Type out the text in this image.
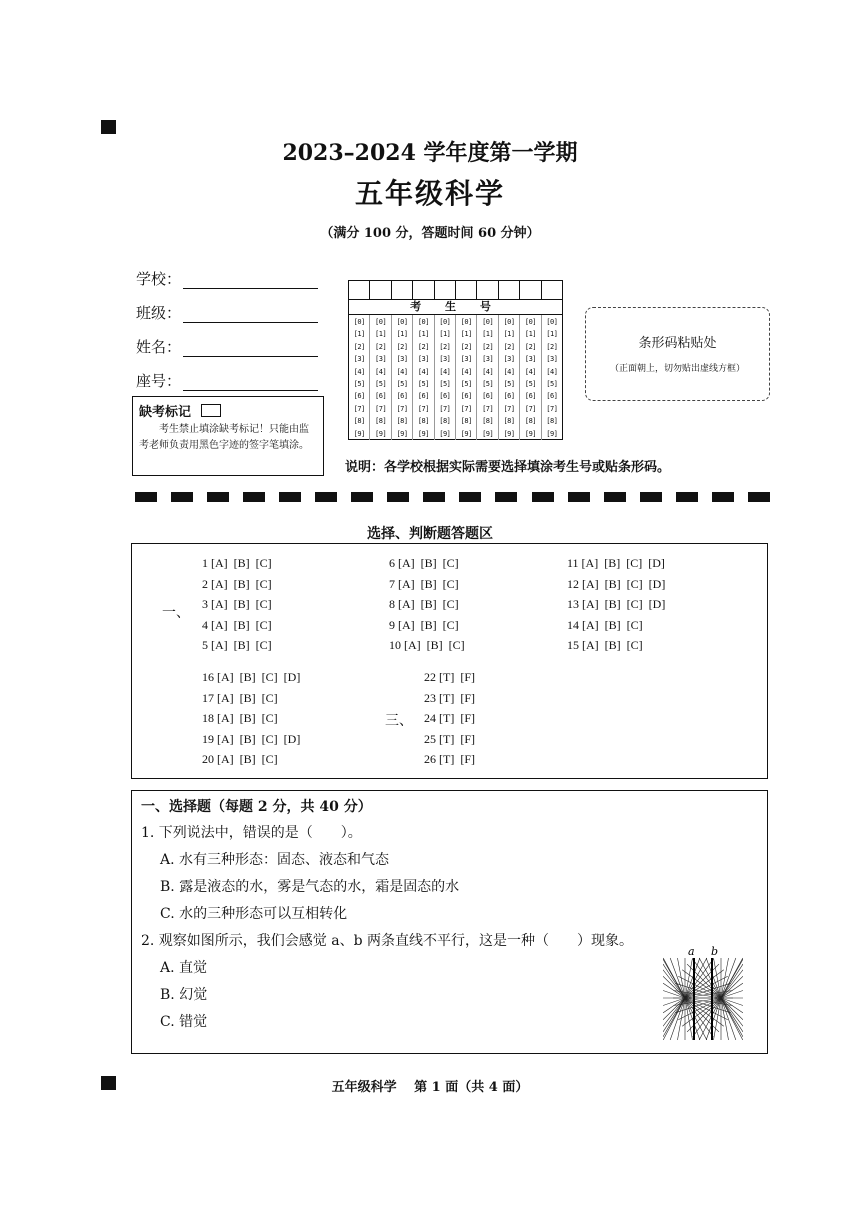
2023–2024 学年度第一学期
五年级科学
（满分 100 分，答题时间 60 分钟）
学校：
班级：
姓名：
座号：
缺考标记
考生禁止填涂缺考标记！只能由监考老师负责用黑色字迹的签字笔填涂。
考 生 号
[0]
[1]
[2]
[3]
[4]
[5]
[6]
[7]
[8]
[9]
[0]
[1]
[2]
[3]
[4]
[5]
[6]
[7]
[8]
[9]
[0]
[1]
[2]
[3]
[4]
[5]
[6]
[7]
[8]
[9]
[0]
[1]
[2]
[3]
[4]
[5]
[6]
[7]
[8]
[9]
[0]
[1]
[2]
[3]
[4]
[5]
[6]
[7]
[8]
[9]
[0]
[1]
[2]
[3]
[4]
[5]
[6]
[7]
[8]
[9]
[0]
[1]
[2]
[3]
[4]
[5]
[6]
[7]
[8]
[9]
[0]
[1]
[2]
[3]
[4]
[5]
[6]
[7]
[8]
[9]
[0]
[1]
[2]
[3]
[4]
[5]
[6]
[7]
[8]
[9]
[0]
[1]
[2]
[3]
[4]
[5]
[6]
[7]
[8]
[9]
条形码粘贴处
（正面朝上，切勿贴出虚线方框）
说明：各学校根据实际需要选择填涂考生号或贴条形码。
选择、判断题答题区
一、
三、
1 [A]  [B]  [C]
2 [A]  [B]  [C]
3 [A]  [B]  [C]
4 [A]  [B]  [C]
5 [A]  [B]  [C]
6 [A]  [B]  [C]
7 [A]  [B]  [C]
8 [A]  [B]  [C]
9 [A]  [B]  [C]
10 [A]  [B]  [C]
11 [A]  [B]  [C]  [D]
12 [A]  [B]  [C]  [D]
13 [A]  [B]  [C]  [D]
14 [A]  [B]  [C]
15 [A]  [B]  [C]
16 [A]  [B]  [C]  [D]
17 [A]  [B]  [C]
18 [A]  [B]  [C]
19 [A]  [B]  [C]  [D]
20 [A]  [B]  [C]
22 [T]  [F]
23 [T]  [F]
24 [T]  [F]
25 [T]  [F]
26 [T]  [F]
一、选择题（每题 2 分，共 40 分）
1. 下列说法中，错误的是（　　）。
A. 水有三种形态：固态、液态和气态
B. 露是液态的水，雾是气态的水，霜是固态的水
C. 水的三种形态可以互相转化
2. 观察如图所示，我们会感觉 a、b 两条直线不平行，这是一种（　　）现象。
A. 直觉
B. 幻觉
C. 错觉
a b
五年级科学　 第 1 面（共 4 面）
